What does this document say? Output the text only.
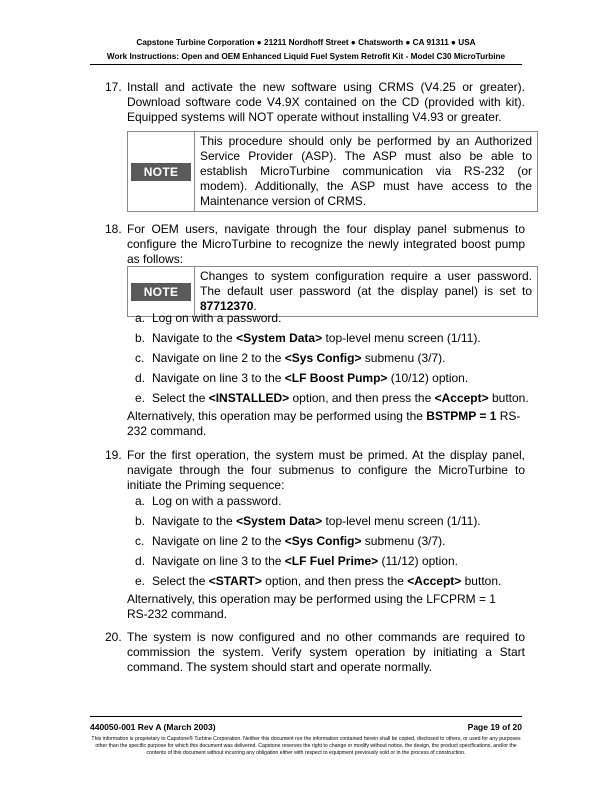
Capstone Turbine Corporation ● 21211 Nordhoff Street ● Chatsworth ● CA 91311 ● USA
Work Instructions: Open and OEM Enhanced Liquid Fuel System Retrofit Kit - Model C30 MicroTurbine
17. Install and activate the new software using CRMS (V4.25 or greater). Download software code V4.9X contained on the CD (provided with kit). Equipped systems will NOT operate without installing V4.93 or greater.
NOTE
This procedure should only be performed by an Authorized Service Provider (ASP). The ASP must also be able to establish MicroTurbine communication via RS-232 (or modem). Additionally, the ASP must have access to the Maintenance version of CRMS.
18. For OEM users, navigate through the four display panel submenus to configure the MicroTurbine to recognize the newly integrated boost pump as follows:
NOTE
Changes to system configuration require a user password. The default user password (at the display panel) is set to 87712370.
a. Log on with a password.
b. Navigate to the <System Data> top-level menu screen (1/11).
c. Navigate on line 2 to the <Sys Config> submenu (3/7).
d. Navigate on line 3 to the <LF Boost Pump> (10/12) option.
e. Select the <INSTALLED> option, and then press the <Accept> button.
Alternatively, this operation may be performed using the BSTPMP = 1 RS-232 command.
19. For the first operation, the system must be primed. At the display panel, navigate through the four submenus to configure the MicroTurbine to initiate the Priming sequence:
a. Log on with a password.
b. Navigate to the <System Data> top-level menu screen (1/11).
c. Navigate on line 2 to the <Sys Config> submenu (3/7).
d. Navigate on line 3 to the <LF Fuel Prime> (11/12) option.
e. Select the <START> option, and then press the <Accept> button.
Alternatively, this operation may be performed using the LFCPRM = 1 RS-232 command.
20. The system is now configured and no other commands are required to commission the system. Verify system operation by initiating a Start command. The system should start and operate normally.
440050-001 Rev A (March 2003)	Page 19 of 20
This information is proprietary to Capstone® Turbine Corporation. Neither this document nor the information contained herein shall be copied, disclosed to others, or used for any purposes other than the specific purpose for which this document was delivered. Capstone reserves the right to change or modify without notice, the design, the product specifications, and/or the contents of this document without incurring any obligation either with respect to equipment previously sold or in the process of construction.
